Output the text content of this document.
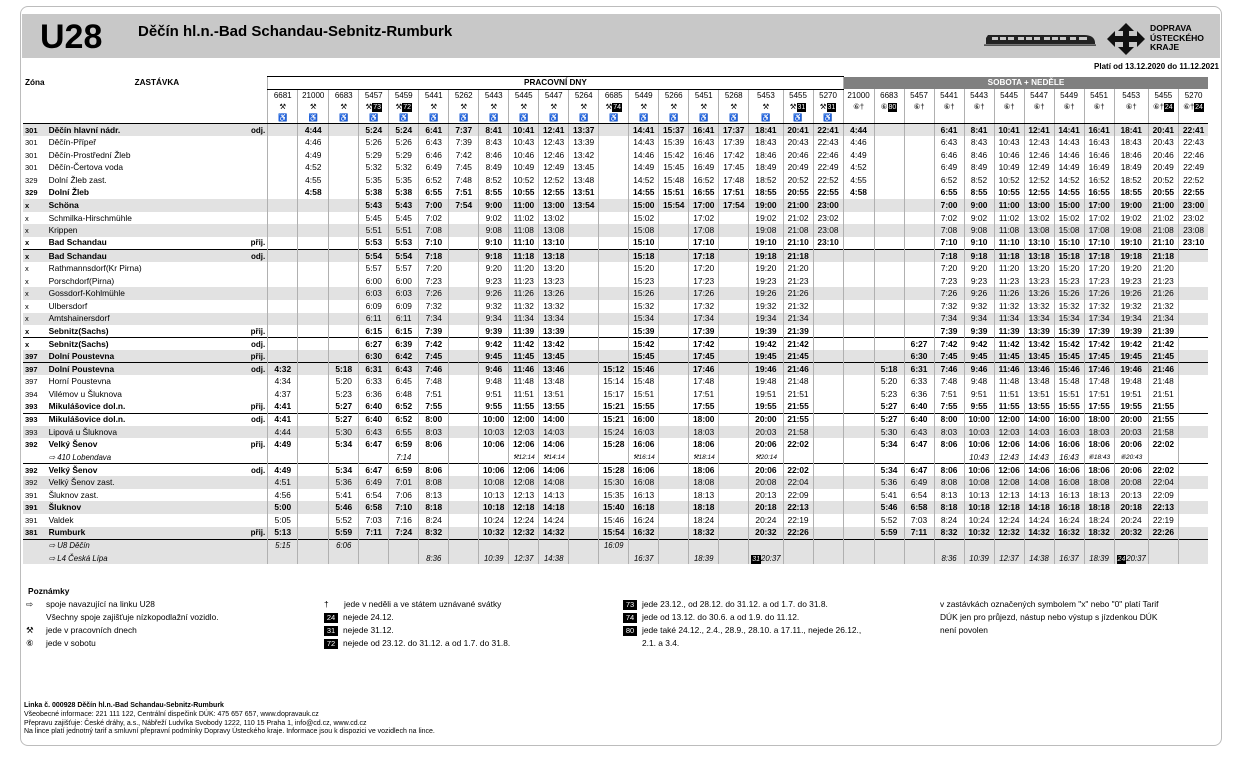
U28 Děčín hl.n.-Bad Schandau-Sebnitz-Rumburk	DOPRAVA
ÚSTECKÉHO
KRAJE
Platí od 13.12.2020 do 11.12.2021
Zóna	ZASTÁVKA		PRACOVNÍ DNY																			SOBOTA + NEDĚLE											
			6681	21000	6683	5457	5459	5441	5262	5443	5445	5447	5264	6685	5449	5266	5451	5268	5453	5455	5270	21000	6683	5457	5441	5443	5445	5447	5449	5451	5453	5455	5270
			⚒	⚒	⚒	⚒73	⚒72	⚒	⚒	⚒	⚒	⚒	⚒	⚒74	⚒	⚒	⚒	⚒	⚒	⚒31	⚒31	⑥†	⑥80	⑥†	⑥†	⑥†	⑥†	⑥†	⑥†	⑥†	⑥†	⑥†24	⑥†24
			♿	♿	♿	♿	♿	♿	♿	♿	♿	♿	♿	♿	♿	♿	♿	♿	♿	♿	♿												
301	Děčín hlavní nádr.	odj.		4:44		5:24	5:24	6:41	7:37	8:41	10:41	12:41	13:37		14:41	15:37	16:41	17:37	18:41	20:41	22:41	4:44			6:41	8:41	10:41	12:41	14:41	16:41	18:41	20:41	22:41
301	Děčín-Přípeř			4:46		5:26	5:26	6:43	7:39	8:43	10:43	12:43	13:39		14:43	15:39	16:43	17:39	18:43	20:43	22:43	4:46			6:43	8:43	10:43	12:43	14:43	16:43	18:43	20:43	22:43
301	Děčín-Prostřední Žleb			4:49		5:29	5:29	6:46	7:42	8:46	10:46	12:46	13:42		14:46	15:42	16:46	17:42	18:46	20:46	22:46	4:49			6:46	8:46	10:46	12:46	14:46	16:46	18:46	20:46	22:46
301	Děčín-Čertova voda			4:52		5:32	5:32	6:49	7:45	8:49	10:49	12:49	13:45		14:49	15:45	16:49	17:45	18:49	20:49	22:49	4:52			6:49	8:49	10:49	12:49	14:49	16:49	18:49	20:49	22:49
329	Dolní Žleb zast.			4:55		5:35	5:35	6:52	7:48	8:52	10:52	12:52	13:48		14:52	15:48	16:52	17:48	18:52	20:52	22:52	4:55			6:52	8:52	10:52	12:52	14:52	16:52	18:52	20:52	22:52
329	Dolní Žleb			4:58		5:38	5:38	6:55	7:51	8:55	10:55	12:55	13:51		14:55	15:51	16:55	17:51	18:55	20:55	22:55	4:58			6:55	8:55	10:55	12:55	14:55	16:55	18:55	20:55	22:55
x	Schöna					5:43	5:43	7:00	7:54	9:00	11:00	13:00	13:54		15:00	15:54	17:00	17:54	19:00	21:00	23:00				7:00	9:00	11:00	13:00	15:00	17:00	19:00	21:00	23:00
x	Schmilka-Hirschmühle					5:45	5:45	7:02		9:02	11:02	13:02			15:02		17:02		19:02	21:02	23:02				7:02	9:02	11:02	13:02	15:02	17:02	19:02	21:02	23:02
x	Krippen					5:51	5:51	7:08		9:08	11:08	13:08			15:08		17:08		19:08	21:08	23:08				7:08	9:08	11:08	13:08	15:08	17:08	19:08	21:08	23:08
x	Bad Schandau	přij.				5:53	5:53	7:10		9:10	11:10	13:10			15:10		17:10		19:10	21:10	23:10				7:10	9:10	11:10	13:10	15:10	17:10	19:10	21:10	23:10
x	Bad Schandau	odj.				5:54	5:54	7:18		9:18	11:18	13:18			15:18		17:18		19:18	21:18					7:18	9:18	11:18	13:18	15:18	17:18	19:18	21:18	
x	Rathmannsdorf(Kr Pirna)					5:57	5:57	7:20		9:20	11:20	13:20			15:20		17:20		19:20	21:20					7:20	9:20	11:20	13:20	15:20	17:20	19:20	21:20	
x	Porschdorf(Pirna)					6:00	6:00	7:23		9:23	11:23	13:23			15:23		17:23		19:23	21:23					7:23	9:23	11:23	13:23	15:23	17:23	19:23	21:23	
x	Gossdorf-Kohlmühle					6:03	6:03	7:26		9:26	11:26	13:26			15:26		17:26		19:26	21:26					7:26	9:26	11:26	13:26	15:26	17:26	19:26	21:26	
x	Ulbersdorf					6:09	6:09	7:32		9:32	11:32	13:32			15:32		17:32		19:32	21:32					7:32	9:32	11:32	13:32	15:32	17:32	19:32	21:32	
x	Amtshainersdorf					6:11	6:11	7:34		9:34	11:34	13:34			15:34		17:34		19:34	21:34					7:34	9:34	11:34	13:34	15:34	17:34	19:34	21:34	
x	Sebnitz(Sachs)	přij.				6:15	6:15	7:39		9:39	11:39	13:39			15:39		17:39		19:39	21:39					7:39	9:39	11:39	13:39	15:39	17:39	19:39	21:39	
x	Sebnitz(Sachs)	odj.				6:27	6:39	7:42		9:42	11:42	13:42			15:42		17:42		19:42	21:42				6:27	7:42	9:42	11:42	13:42	15:42	17:42	19:42	21:42	
397	Dolní Poustevna	přij.				6:30	6:42	7:45		9:45	11:45	13:45			15:45		17:45		19:45	21:45				6:30	7:45	9:45	11:45	13:45	15:45	17:45	19:45	21:45	
397	Dolní Poustevna	odj.	4:32		5:18	6:31	6:43	7:46		9:46	11:46	13:46		15:12	15:46		17:46		19:46	21:46			5:18	6:31	7:46	9:46	11:46	13:46	15:46	17:46	19:46	21:46	
397	Horní Poustevna		4:34		5:20	6:33	6:45	7:48		9:48	11:48	13:48		15:14	15:48		17:48		19:48	21:48			5:20	6:33	7:48	9:48	11:48	13:48	15:48	17:48	19:48	21:48	
394	Vilémov u Šluknova		4:37		5:23	6:36	6:48	7:51		9:51	11:51	13:51		15:17	15:51		17:51		19:51	21:51			5:23	6:36	7:51	9:51	11:51	13:51	15:51	17:51	19:51	21:51	
393	Mikulášovice dol.n.	přij.	4:41		5:27	6:40	6:52	7:55		9:55	11:55	13:55		15:21	15:55		17:55		19:55	21:55			5:27	6:40	7:55	9:55	11:55	13:55	15:55	17:55	19:55	21:55	
393	Mikulášovice dol.n.	odj.	4:41		5:27	6:40	6:52	8:00		10:00	12:00	14:00		15:21	16:00		18:00		20:00	21:55			5:27	6:40	8:00	10:00	12:00	14:00	16:00	18:00	20:00	21:55	
393	Lipová u Šluknova		4:44		5:30	6:43	6:55	8:03		10:03	12:03	14:03		15:24	16:03		18:03		20:03	21:58			5:30	6:43	8:03	10:03	12:03	14:03	16:03	18:03	20:03	21:58	
392	Velký Šenov	přij.	4:49		5:34	6:47	6:59	8:06		10:06	12:06	14:06		15:28	16:06		18:06		20:06	22:02			5:34	6:47	8:06	10:06	12:06	14:06	16:06	18:06	20:06	22:02	
	⇨ 410 Lobendava						7:14				⚒12:14	⚒14:14			⚒16:14		⚒18:14		⚒20:14							10:43	12:43	14:43	16:43	⑥18:43	⑥20:43		
392	Velký Šenov	odj.	4:49		5:34	6:47	6:59	8:06		10:06	12:06	14:06		15:28	16:06		18:06		20:06	22:02			5:34	6:47	8:06	10:06	12:06	14:06	16:06	18:06	20:06	22:02	
392	Velký Šenov zast.		4:51		5:36	6:49	7:01	8:08		10:08	12:08	14:08		15:30	16:08		18:08		20:08	22:04			5:36	6:49	8:08	10:08	12:08	14:08	16:08	18:08	20:08	22:04	
391	Šluknov zast.		4:56		5:41	6:54	7:06	8:13		10:13	12:13	14:13		15:35	16:13		18:13		20:13	22:09			5:41	6:54	8:13	10:13	12:13	14:13	16:13	18:13	20:13	22:09	
391	Šluknov		5:00		5:46	6:58	7:10	8:18		10:18	12:18	14:18		15:40	16:18		18:18		20:18	22:13			5:46	6:58	8:18	10:18	12:18	14:18	16:18	18:18	20:18	22:13	
391	Valdek		5:05		5:52	7:03	7:16	8:24		10:24	12:24	14:24		15:46	16:24		18:24		20:24	22:19			5:52	7:03	8:24	10:24	12:24	14:24	16:24	18:24	20:24	22:19	
381	Rumburk	přij.	5:13		5:59	7:11	7:24	8:32		10:32	12:32	14:32		15:54	16:32		18:32		20:32	22:26			5:59	7:11	8:32	10:32	12:32	14:32	16:32	18:32	20:32	22:26	
	⇨ U8 Děčín		5:15		6:06									16:09																			
	⇨ L4 Česká Lípa							8:36		10:39	12:37	14:38			16:37		18:39		3120:37						8:36	10:39	12:37	14:38	16:37	18:39	2420:37		
Poznámky
⇨ spoje navazující na linku U28
Všechny spoje zajišťuje nízkopodlažní vozidlo.
⚒ jede v pracovních dnech
⑥ jede v sobotu
† jede v neděli a ve státem uznávané svátky
24 nejede 24.12.
31 nejede 31.12.
72 nejede od 23.12. do 31.12. a od 1.7. do 31.8.
73 jede 23.12., od 28.12. do 31.12. a od 1.7. do 31.8.
74 jede od 13.12. do 30.6. a od 1.9. do 11.12.
80 jede také 24.12., 2.4., 28.9., 28.10. a 17.11., nejede 26.12.,
2.1. a 3.4.
v zastávkách označených symbolem "x" nebo "0" platí Tarif
DÚK jen pro průjezd, nástup nebo výstup s jízdenkou DÚK
není povolen
Linka č. 000928 Děčín hl.n.-Bad Schandau-Sebnitz-Rumburk
Všeobecné informace: 221 111 122, Centrální dispečink DÚK: 475 657 657, www.dopravauk.cz
Přepravu zajišťuje: České dráhy, a.s., Nábřeží Ludvíka Svobody 1222, 110 15 Praha 1, info@cd.cz, www.cd.cz
Na lince platí jednotný tarif a smluvní přepravní podmínky Dopravy Ústeckého kraje. Informace jsou k dispozici ve vozidlech na lince.
